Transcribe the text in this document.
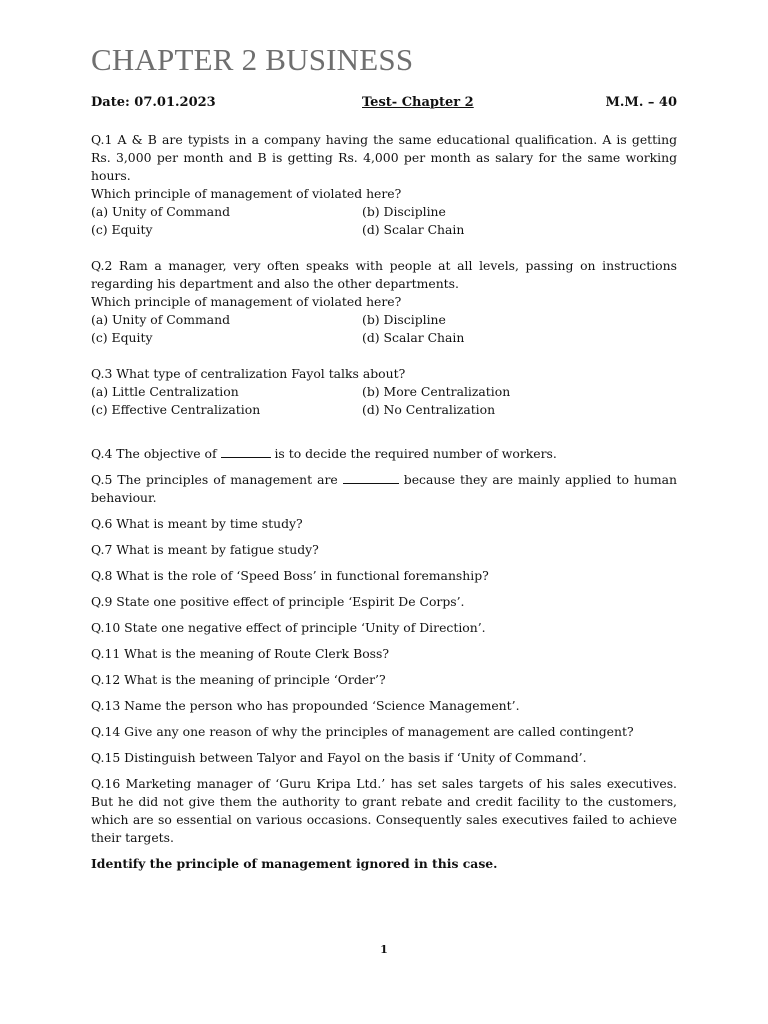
CHAPTER 2 BUSINESS
Date: 07.01.2023	Test- Chapter 2	M.M. – 40

Q.1 A & B are typists in a company having the same educational qualification. A is getting Rs. 3,000 per month and B is getting Rs. 4,000 per month as salary for the same working hours.

Which principle of management of violated here?

(a) Unity of Command	(b) Discipline
(c) Equity	(d) Scalar Chain

Q.2 Ram a manager, very often speaks with people at all levels, passing on instructions regarding his department and also the other departments.

Which principle of management of violated here?

(a) Unity of Command	(b) Discipline
(c) Equity	(d) Scalar Chain

Q.3 What type of centralization Fayol talks about?

(a) Little Centralization	(b) More Centralization
(c) Effective Centralization	(d) No Centralization

Q.4 The objective of	is to decide the required number of workers.

Q.5 The principles of management are	because they are mainly applied to human behaviour.

Q.6 What is meant by time study?

Q.7 What is meant by fatigue study?

Q.8 What is the role of ‘Speed Boss’ in functional foremanship?

Q.9 State one positive effect of principle ‘Espirit De Corps’.

Q.10 State one negative effect of principle ‘Unity of Direction’.

Q.11 What is the meaning of Route Clerk Boss?

Q.12 What is the meaning of principle ‘Order’?

Q.13 Name the person who has propounded ‘Science Management’.

Q.14 Give any one reason of why the principles of management are called contingent?

Q.15 Distinguish between Talyor and Fayol on the basis if ‘Unity of Command’.

Q.16 Marketing manager of ‘Guru Kripa Ltd.’ has set sales targets of his sales executives. But he did not give them the authority to grant rebate and credit facility to the customers, which are so essential on various occasions. Consequently sales executives failed to achieve their targets.

Identify the principle of management ignored in this case.

1
